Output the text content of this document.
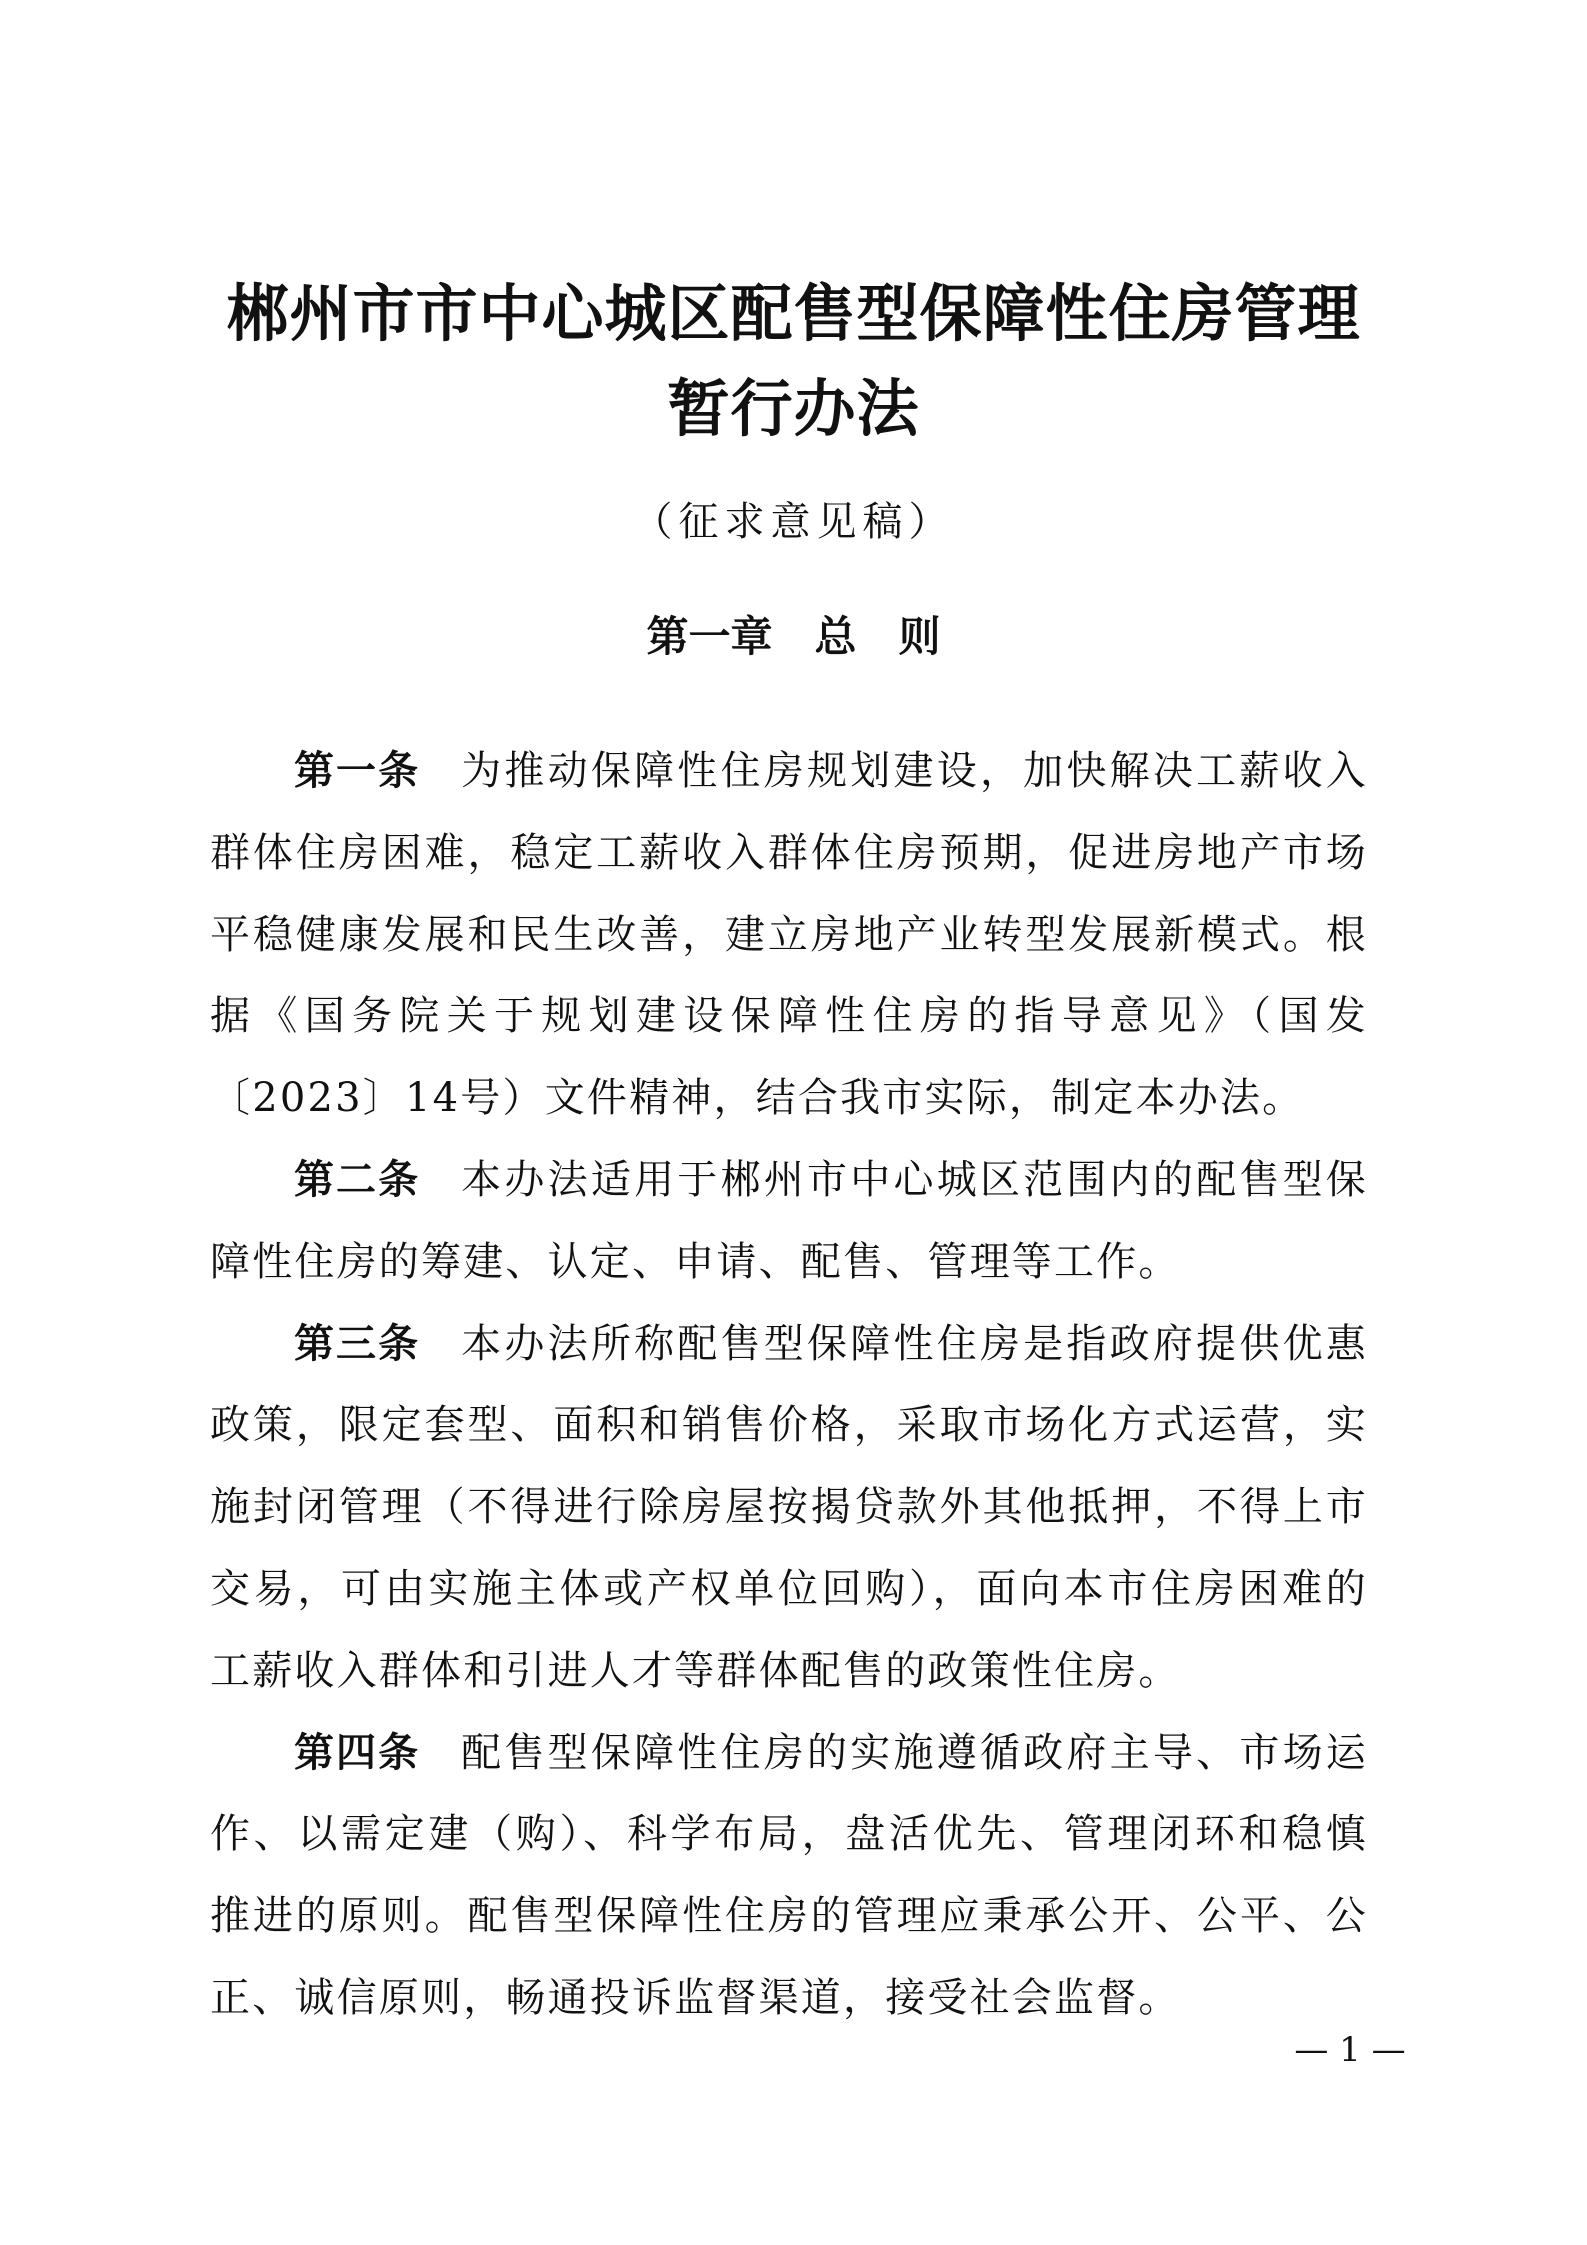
郴州市市中心城区配售型保障性住房管理
暂行办法

（征求意见稿）

第一章　总　则

第一条 为推动保障性住房规划建设，加快解决工薪收入群体住房困难，稳定工薪收入群体住房预期，促进房地产市场平稳健康发展和民生改善，建立房地产业转型发展新模式。根据《国务院关于规划建设保障性住房的指导意见》（国发〔2023〕14号）文件精神，结合我市实际，制定本办法。

第二条 本办法适用于郴州市中心城区范围内的配售型保障性住房的筹建、认定、申请、配售、管理等工作。

第三条 本办法所称配售型保障性住房是指政府提供优惠政策，限定套型、面积和销售价格，采取市场化方式运营，实施封闭管理（不得进行除房屋按揭贷款外其他抵押，不得上市交易，可由实施主体或产权单位回购），面向本市住房困难的工薪收入群体和引进人才等群体配售的政策性住房。

第四条 配售型保障性住房的实施遵循政府主导、市场运作、以需定建（购）、科学布局，盘活优先、管理闭环和稳慎推进的原则。配售型保障性住房的管理应秉承公开、公平、公正、诚信原则，畅通投诉监督渠道，接受社会监督。

— 1 —
